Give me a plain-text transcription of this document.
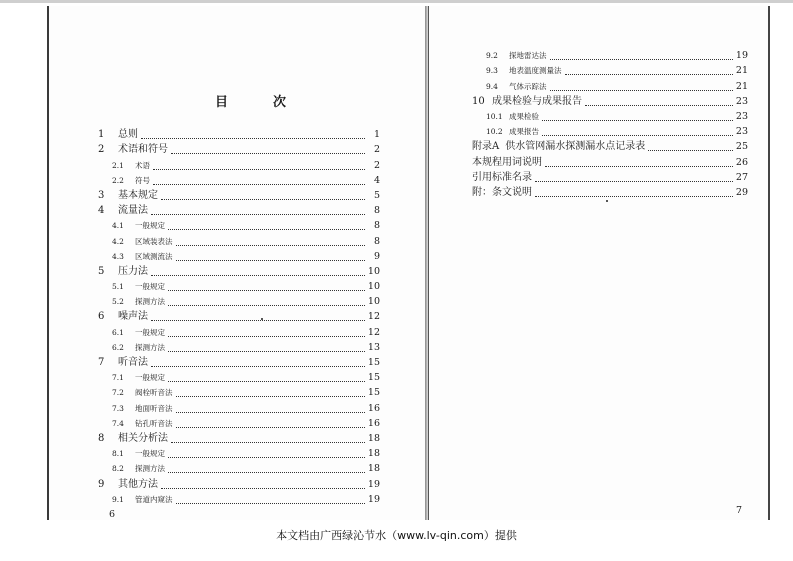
目　次
1	总则	1
2	术语和符号	2
2.1	术语	2
2.2	符号	4
3	基本规定	5
4	流量法	8
4.1	一般规定	8
4.2	区域装表法	8
4.3	区域测流法	9
5	压力法	10
5.1	一般规定	10
5.2	探测方法	10
6	噪声法	12
6.1	一般规定	12
6.2	探测方法	13
7	听音法	15
7.1	一般规定	15
7.2	阀栓听音法	15
7.3	地面听音法	16
7.4	钻孔听音法	16
8	相关分析法	18
8.1	一般规定	18
8.2	探测方法	18
9	其他方法	19
9.1	管道内窥法	19
9.2	探地雷达法	19
9.3	地表温度测量法	21
9.4	气体示踪法	21
10 成果检验与成果报告	23
10.1 成果检验	23
10.2 成果报告	23
附录A 供水管网漏水探测漏水点记录表	25
本规程用词说明	26
引用标准名录	27
附：条文说明	29
6	7
本文档由广西绿沁节水（www.lv-qin.com）提供
